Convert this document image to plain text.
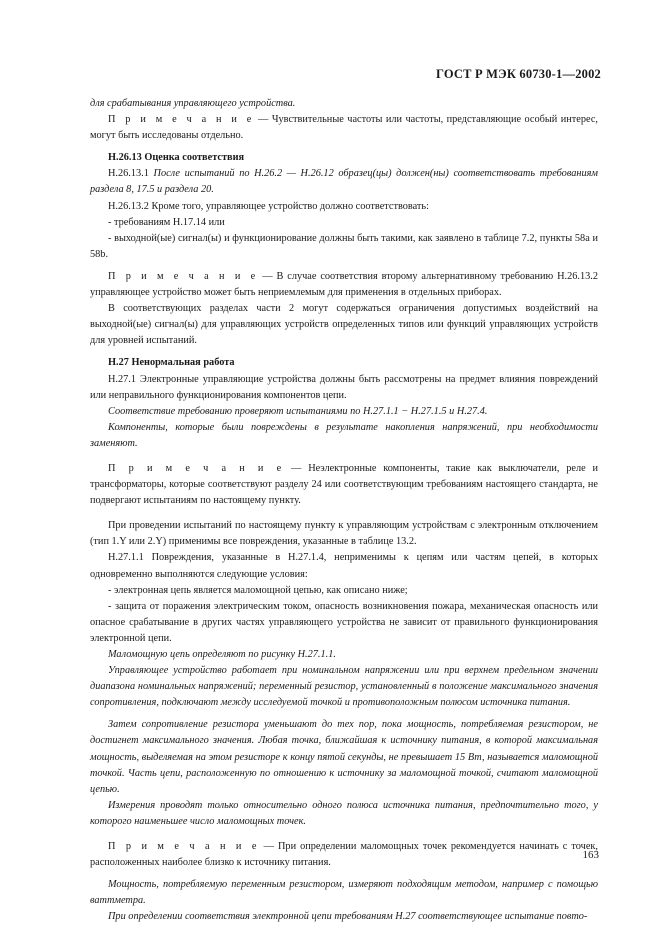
ГОСТ Р МЭК 60730-1—2002

для срабатывания управляющего устройства.

П р и м е ч а н и е — Чувствительные частоты или частоты, представляющие особый интерес, могут быть исследованы отдельно.

Н.26.13 Оценка соответствия

Н.26.13.1 После испытаний по Н.26.2 — Н.26.12 образец(цы) должен(ны) соответствовать требованиям раздела 8, 17.5 и раздела 20.

Н.26.13.2 Кроме того, управляющее устройство должно соответствовать:

- требованиям Н.17.14 или

- выходной(ые) сигнал(ы) и функционирование должны быть такими, как заявлено в таблице 7.2, пункты 58а и 58b.

П р и м е ч а н и е — В случае соответствия второму альтернативному требованию Н.26.13.2 управляющее устройство может быть неприемлемым для применения в отдельных приборах.

В соответствующих разделах части 2 могут содержаться ограничения допустимых воздействий на выходной(ые) сигнал(ы) для управляющих устройств определенных типов или функций управляющих устройств для уровней испытаний.

Н.27 Ненормальная работа

Н.27.1 Электронные управляющие устройства должны быть рассмотрены на предмет влияния повреждений или неправильного функционирования компонентов цепи.

Соответствие требованию проверяют испытаниями по Н.27.1.1 − Н.27.1.5 и Н.27.4.

Компоненты, которые были повреждены в результате накопления напряжений, при необходимости заменяют.

П р и м е ч а н и е — Неэлектронные компоненты, такие как выключатели, реле и трансформаторы, которые соответствуют разделу 24 или соответствующим требованиям настоящего стандарта, не подвергают испытаниям по настоящему пункту.

При проведении испытаний по настоящему пункту к управляющим устройствам с электронным отключением (тип 1.Y или 2.Y) применимы все повреждения, указанные в таблице 13.2.

Н.27.1.1 Повреждения, указанные в Н.27.1.4, неприменимы к цепям или частям цепей, в которых одновременно выполняются следующие условия:

- электронная цепь является маломощной цепью, как описано ниже;

- защита от поражения электрическим током, опасность возникновения пожара, механическая опасность или опасное срабатывание в других частях управляющего устройства не зависит от правильного функционирования электронной цепи.

Маломощную цепь определяют по рисунку Н.27.1.1.

Управляющее устройство работает при номинальном напряжении или при верхнем предельном значении диапазона номинальных напряжений; переменный резистор, установленный в положение максимального значения сопротивления, подключают между исследуемой точкой и противоположным полюсом источника питания.

Затем сопротивление резистора уменьшают до тех пор, пока мощность, потребляемая резистором, не достигнет максимального значения. Любая точка, ближайшая к источнику питания, в которой максимальная мощность, выделяемая на этом резисторе к концу пятой секунды, не превышает 15 Вт, называется маломощной точкой. Часть цепи, расположенную по отношению к источнику за маломощной точкой, считают маломощной цепью.

Измерения проводят только относительно одного полюса источника питания, предпочтительно того, у которого наименьшее число маломощных точек.

П р и м е ч а н и е — При определении маломощных точек рекомендуется начинать с точек, расположенных наиболее близко к источнику питания.

Мощность, потребляемую переменным резистором, измеряют подходящим методом, например с помощью ваттметра.

При определении соответствия электронной цепи требованиям Н.27 соответствующее испытание повто-

163
